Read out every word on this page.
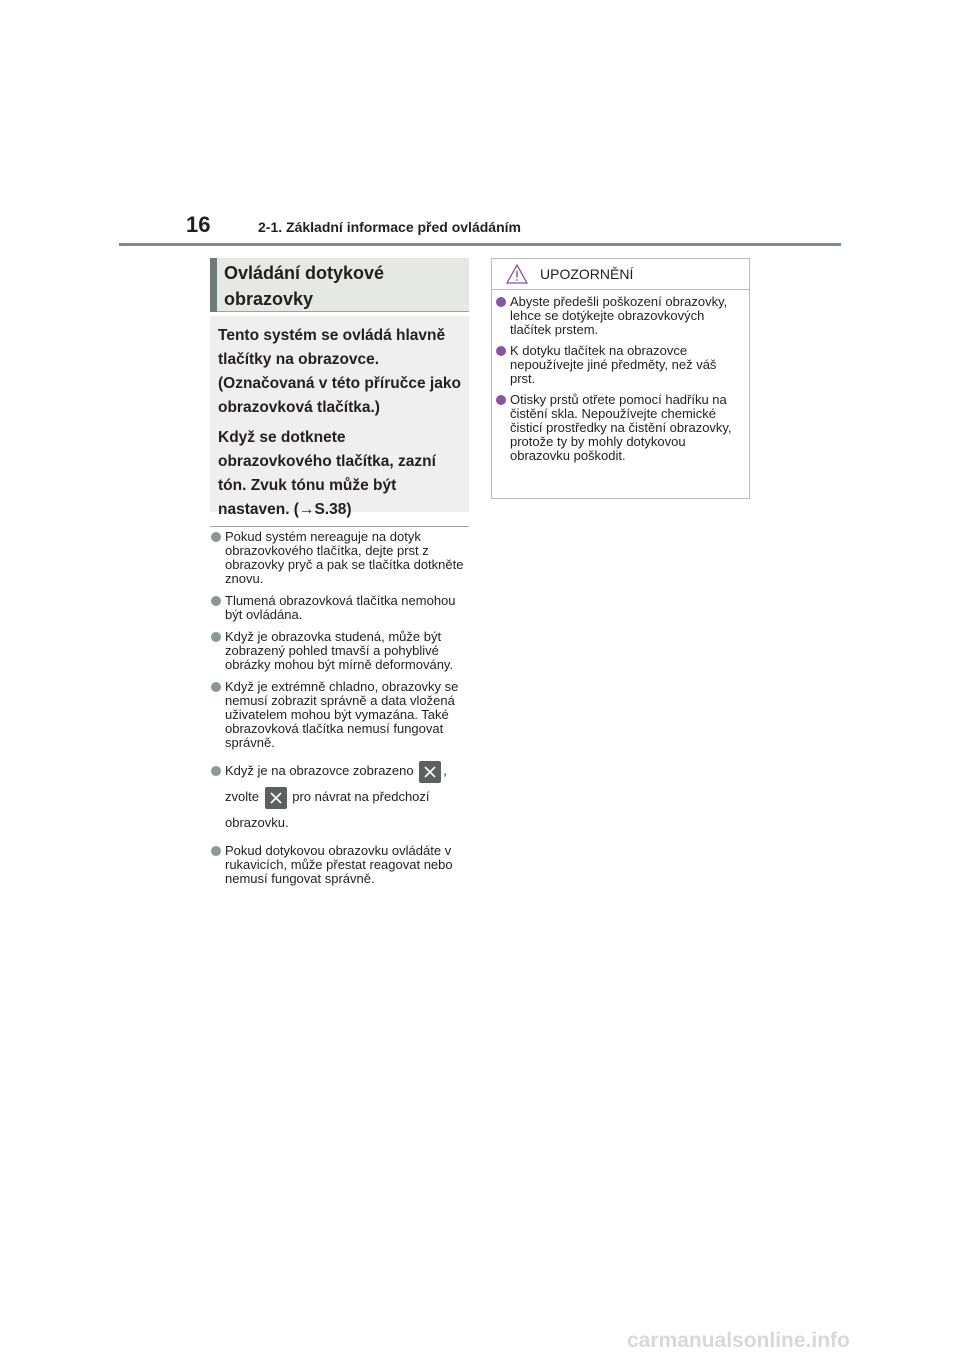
16	2-1. Základní informace před ovládáním
Ovládání dotykové obrazovky

Tento systém se ovládá hlavně tlačítky na obrazovce. (Označovaná v této příručce jako obrazovková tlačítka.)

Když se dotknete obrazovkového tlačítka, zazní tón. Zvuk tónu může být nastaven. (→S.38)

Pokud systém nereaguje na dotyk obrazovkového tlačítka, dejte prst z obrazovky pryč a pak se tlačítka dotkněte znovu.
Tlumená obrazovková tlačítka nemohou být ovládána.
Když je obrazovka studená, může být zobrazený pohled tmavší a pohyblivé obrázky mohou být mírně deformovány.
Když je extrémně chladno, obrazovky se nemusí zobrazit správně a data vložená uživatelem mohou být vymazána. Také obrazovková tlačítka nemusí fungovat správně.
Když je na obrazovce zobrazeno ,
zvolte	pro návrat na předchozí obrazovku.
Pokud dotykovou obrazovku ovládáte v rukavicích, může přestat reagovat nebo nemusí fungovat správně.
UPOZORNĚNÍ
Abyste předešli poškození obrazovky, lehce se dotýkejte obrazovkových tlačítek prstem.
K dotyku tlačítek na obrazovce nepoužívejte jiné předměty, než váš prst.
Otisky prstů otřete pomocí hadříku na čistění skla. Nepoužívejte chemické čisticí prostředky na čistění obrazovky, protože ty by mohly dotykovou obrazovku poškodit.
carmanualsonline.info
